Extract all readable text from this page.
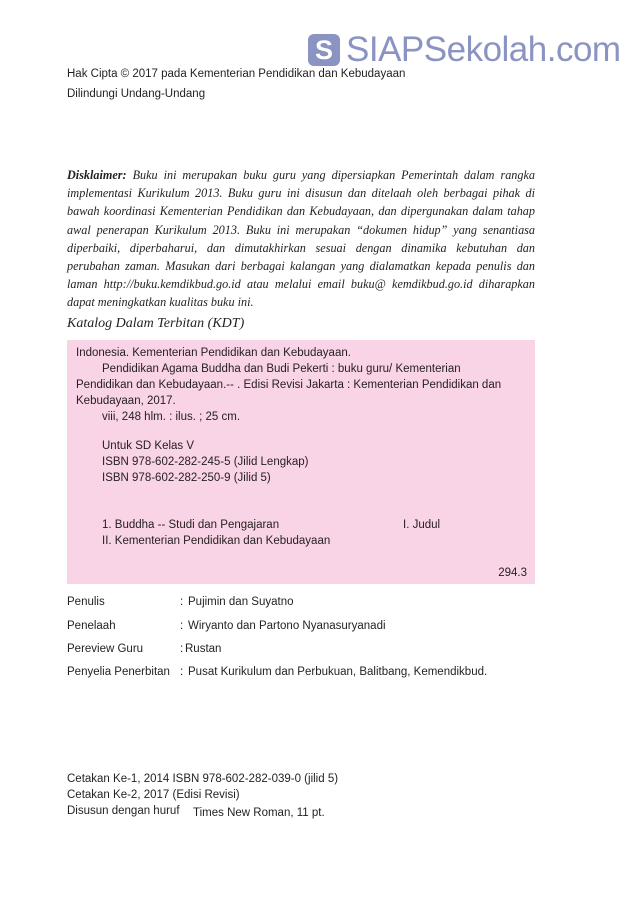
S SIAPSekolah.com
Hak Cipta © 2017 pada Kementerian Pendidikan dan Kebudayaan
Dilindungi Undang-Undang
Disklaimer: Buku ini merupakan buku guru yang dipersiapkan Pemerintah dalam rangka implementasi Kurikulum 2013. Buku guru ini disusun dan ditelaah oleh berbagai pihak di bawah koordinasi Kementerian Pendidikan dan Kebudayaan, dan dipergunakan dalam tahap awal penerapan Kurikulum 2013. Buku ini merupakan “dokumen hidup” yang senantiasa diperbaiki, diperbaharui, dan dimutakhirkan sesuai dengan dinamika kebutuhan dan perubahan zaman. Masukan dari berbagai kalangan yang dialamatkan kepada penulis dan laman http://buku.kemdikbud.go.id atau melalui email buku@ kemdikbud.go.id diharapkan dapat meningkatkan kualitas buku ini.
Katalog Dalam Terbitan (KDT)
Indonesia. Kementerian Pendidikan dan Kebudayaan.
Pendidikan Agama Buddha dan Budi Pekerti : buku guru/ Kementerian
Pendidikan dan Kebudayaan.-- . Edisi Revisi Jakarta : Kementerian Pendidikan dan
Kebudayaan, 2017.
viii, 248 hlm. : ilus. ; 25 cm.
Untuk SD Kelas V
ISBN 978-602-282-245-5 (Jilid Lengkap)
ISBN 978-602-282-250-9 (Jilid 5)
1. Buddha -- Studi dan Pengajaran	I. Judul
II. Kementerian Pendidikan dan Kebudayaan
294.3
Penulis	: Pujimin dan Suyatno
Penelaah	: Wiryanto dan Partono Nyanasuryanadi
Pereview Guru	: Rustan
Penyelia Penerbitan : Pusat Kurikulum dan Perbukuan, Balitbang, Kemendikbud.
Cetakan Ke-1, 2014 ISBN 978-602-282-039-0 (jilid 5)
Cetakan Ke-2, 2017 (Edisi Revisi)
Disusun dengan huruf Times New Roman, 11 pt.
